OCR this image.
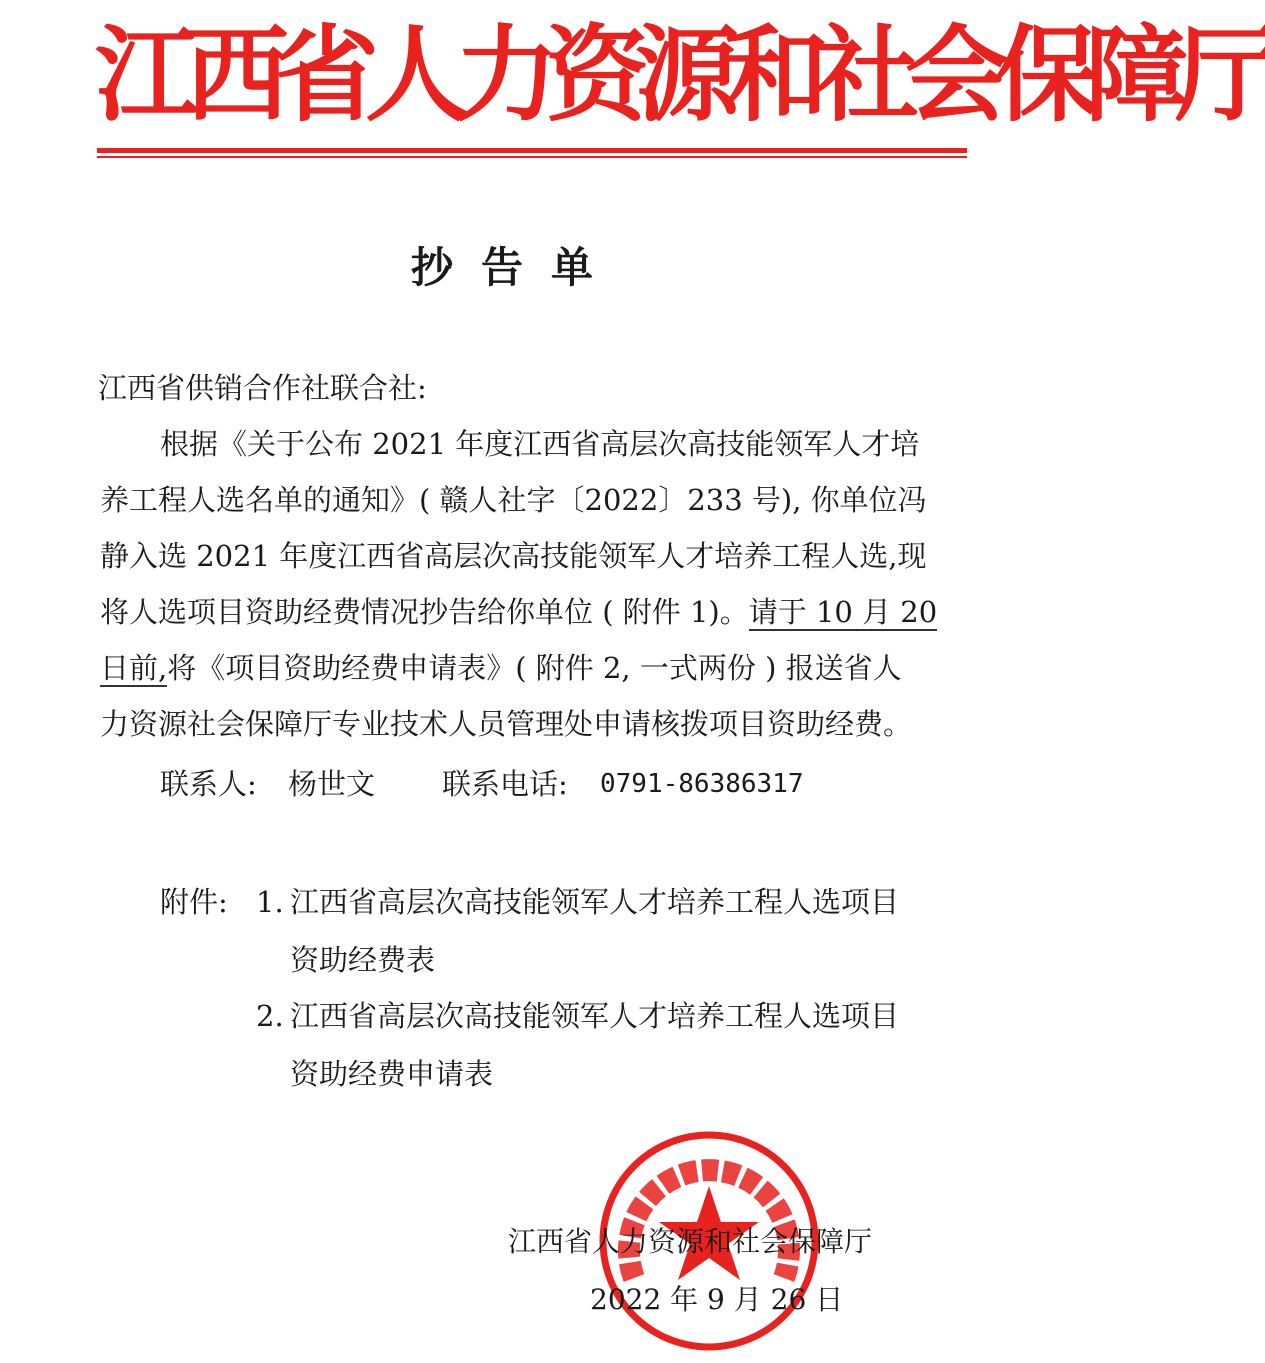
江西省人力资源和社会保障厅
抄告单
江西省供销合作社联合社:
根据《关于公布 2021 年度江西省高层次高技能领军人才培
养工程人选名单的通知》( 赣人社字〔2022〕233 号), 你单位冯
静入选 2021 年度江西省高层次高技能领军人才培养工程人选,现
将人选项目资助经费情况抄告给你单位 ( 附件 1)。请于 10 月 20
日前,将《项目资助经费申请表》( 附件 2, 一式两份 ) 报送省人
力资源社会保障厅专业技术人员管理处申请核拨项目资助经费。
联系人: 杨世文 联系电话: 0791-86386317
附件: 1. 江西省高层次高技能领军人才培养工程人选项目
资助经费表
2. 江西省高层次高技能领军人才培养工程人选项目
资助经费申请表
江西省人力资源和社会保障厅
2022 年 9 月 26 日
